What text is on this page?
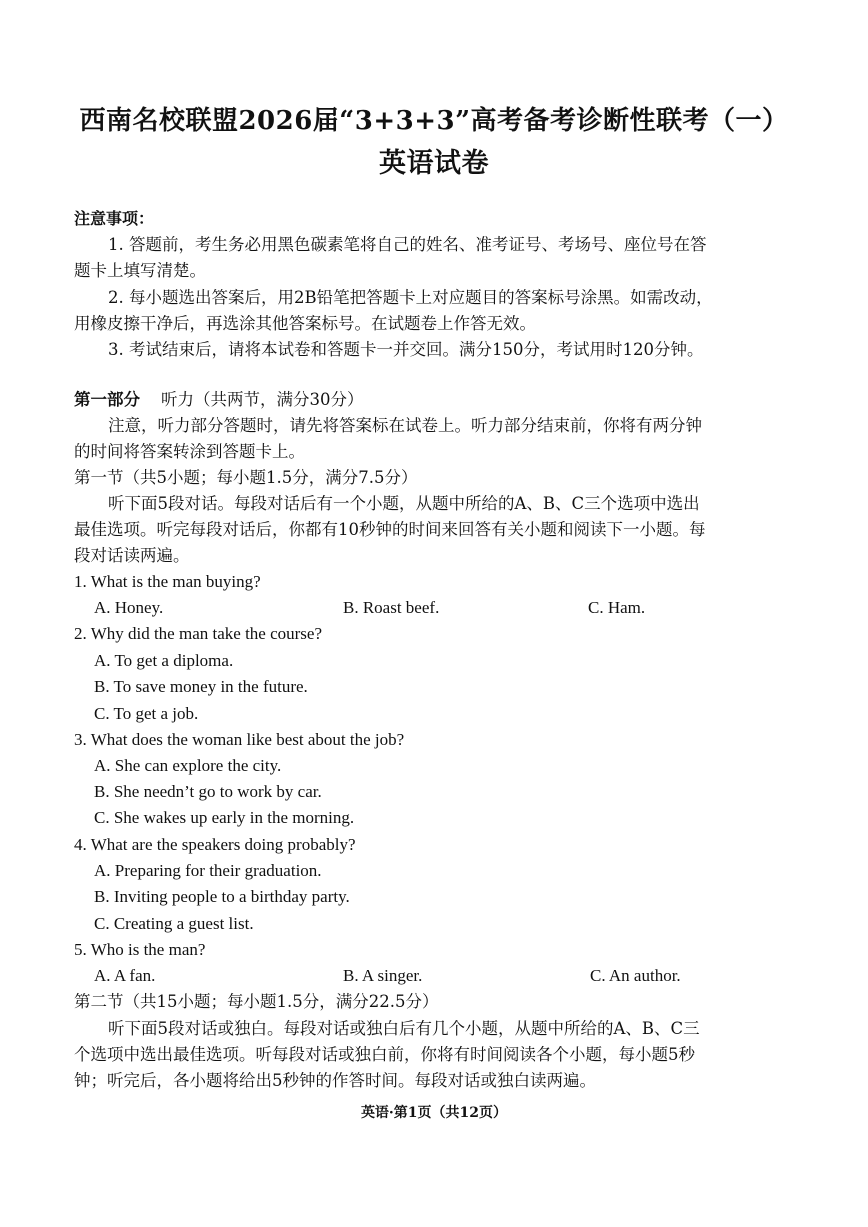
西南名校联盟2026届“3+3+3”高考备考诊断性联考（一）
英语试卷
注意事项：
1. 答题前，考生务必用黑色碳素笔将自己的姓名、准考证号、考场号、座位号在答
题卡上填写清楚。
2. 每小题选出答案后，用2B铅笔把答题卡上对应题目的答案标号涂黑。如需改动，
用橡皮擦干净后，再选涂其他答案标号。在试题卷上作答无效。
3. 考试结束后，请将本试卷和答题卡一并交回。满分150分，考试用时120分钟。
第一部分 听力（共两节，满分30分）
注意，听力部分答题时，请先将答案标在试卷上。听力部分结束前，你将有两分钟
的时间将答案转涂到答题卡上。
第一节（共5小题；每小题1.5分，满分7.5分）
听下面5段对话。每段对话后有一个小题，从题中所给的A、B、C三个选项中选出
最佳选项。听完每段对话后，你都有10秒钟的时间来回答有关小题和阅读下一小题。每
段对话读两遍。
1. What is the man buying?
A. Honey.	B. Roast beef.	C. Ham.
2. Why did the man take the course?
A. To get a diploma.
B. To save money in the future.
C. To get a job.
3. What does the woman like best about the job?
A. She can explore the city.
B. She needn’t go to work by car.
C. She wakes up early in the morning.
4. What are the speakers doing probably?
A. Preparing for their graduation.
B. Inviting people to a birthday party.
C. Creating a guest list.
5. Who is the man?
A. A fan.	B. A singer.	C. An author.
第二节（共15小题；每小题1.5分，满分22.5分）
听下面5段对话或独白。每段对话或独白后有几个小题，从题中所给的A、B、C三
个选项中选出最佳选项。听每段对话或独白前，你将有时间阅读各个小题，每小题5秒
钟；听完后，各小题将给出5秒钟的作答时间。每段对话或独白读两遍。
英语·第1页（共12页）
